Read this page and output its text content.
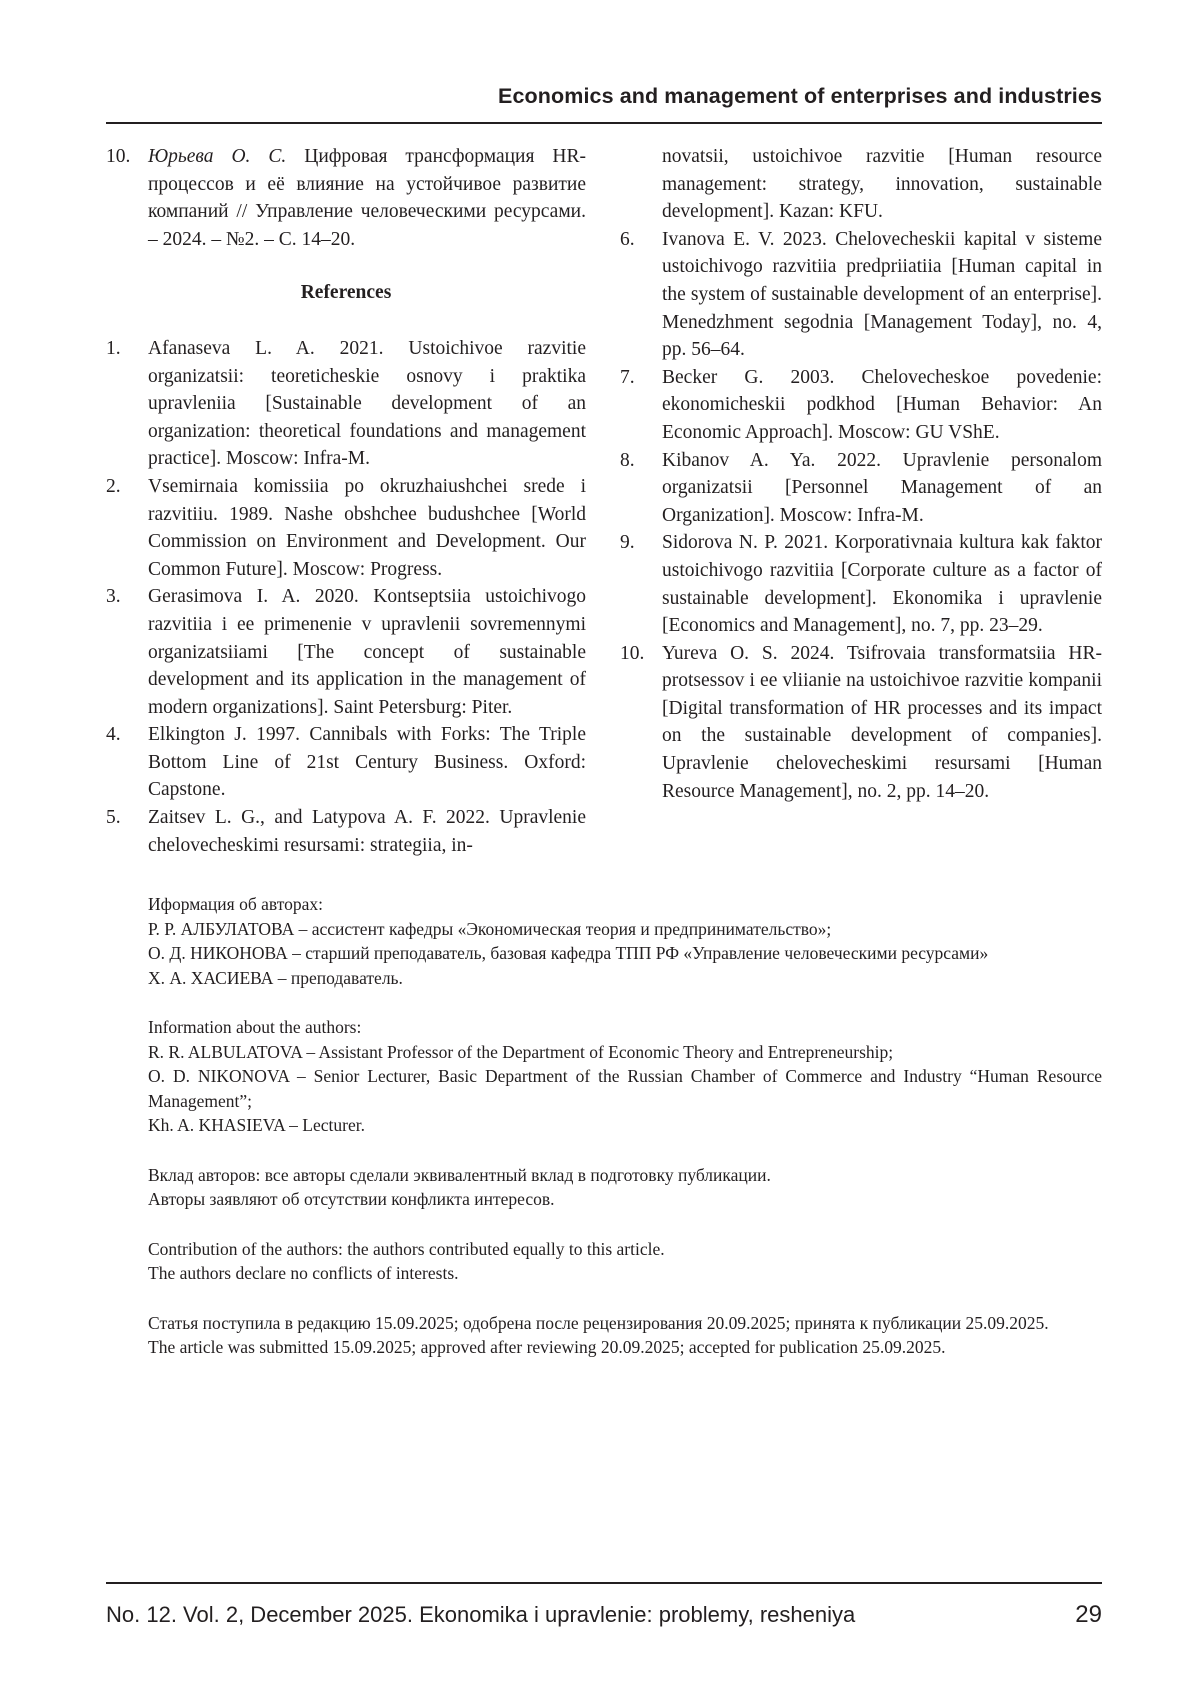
Economics and management of enterprises and industries
10. Юрьева О. С. Цифровая трансформация HR-процессов и её влияние на устойчивое развитие компаний // Управление человеческими ресурсами. – 2024. – №2. – С. 14–20.
References
1. Afanaseva L. A. 2021. Ustoichivoe razvitie organizatsii: teoreticheskie osnovy i praktika upravleniia [Sustainable development of an organization: theoretical foundations and management practice]. Moscow: Infra-M.
2. Vsemirnaia komissiia po okruzhaiushchei srede i razvitiiu. 1989. Nashe obshchee budushchee [World Commission on Environment and Development. Our Common Future]. Moscow: Progress.
3. Gerasimova I. A. 2020. Kontseptsiia ustoichivogo razvitiia i ee primenenie v upravlenii sovremennymi organizatsiiami [The concept of sustainable development and its application in the management of modern organizations]. Saint Petersburg: Piter.
4. Elkington J. 1997. Cannibals with Forks: The Triple Bottom Line of 21st Century Business. Oxford: Capstone.
5. Zaitsev L. G., and Latypova A. F. 2022. Upravlenie chelovecheskimi resursami: strategiia, in-
novatsii, ustoichivoe razvitie [Human resource management: strategy, innovation, sustainable development]. Kazan: KFU.
6. Ivanova E. V. 2023. Chelovecheskii kapital v sisteme ustoichivogo razvitiia predpriiatiia [Human capital in the system of sustainable development of an enterprise]. Menedzhment segodnia [Management Today], no. 4, pp. 56–64.
7. Becker G. 2003. Chelovecheskoe povedenie: ekonomicheskii podkhod [Human Behavior: An Economic Approach]. Moscow: GU VShE.
8. Kibanov A. Ya. 2022. Upravlenie personalom organizatsii [Personnel Management of an Organization]. Moscow: Infra-M.
9. Sidorova N. P. 2021. Korporativnaia kultura kak faktor ustoichivogo razvitiia [Corporate culture as a factor of sustainable development]. Ekonomika i upravlenie [Economics and Management], no. 7, pp. 23–29.
10. Yureva O. S. 2024. Tsifrovaia transformatsiia HR-protsessov i ee vliianie na ustoichivoe razvitie kompanii [Digital transformation of HR processes and its impact on the sustainable development of companies]. Upravlenie chelovecheskimi resursami [Human Resource Management], no. 2, pp. 14–20.

Иформация об авторах:

Р. Р. АЛБУЛАТОВА – ассистент кафедры «Экономическая теория и предпринимательство»;

О. Д. НИКОНОВА – старший преподаватель, базовая кафедра ТПП РФ «Управление человеческими ресурсами»

Х. А. ХАСИЕВА – преподаватель.

Information about the authors:

R. R. ALBULATOVA – Assistant Professor of the Department of Economic Theory and Entrepreneurship;

O. D. NIKONOVA – Senior Lecturer, Basic Department of the Russian Chamber of Commerce and Industry “Human Resource Management”;

Kh. A. KHASIEVA – Lecturer.

Вклад авторов: все авторы сделали эквивалентный вклад в подготовку публикации.

Авторы заявляют об отсутствии конфликта интересов.

Contribution of the authors: the authors contributed equally to this article.

The authors declare no conflicts of interests.

Статья поступила в редакцию 15.09.2025; одобрена после рецензирования 20.09.2025; принята к публикации 25.09.2025.

The article was submitted 15.09.2025; approved after reviewing 20.09.2025; accepted for publication 25.09.2025.

No. 12. Vol. 2, December 2025. Ekonomika i upravlenie: problemy, resheniya	29
